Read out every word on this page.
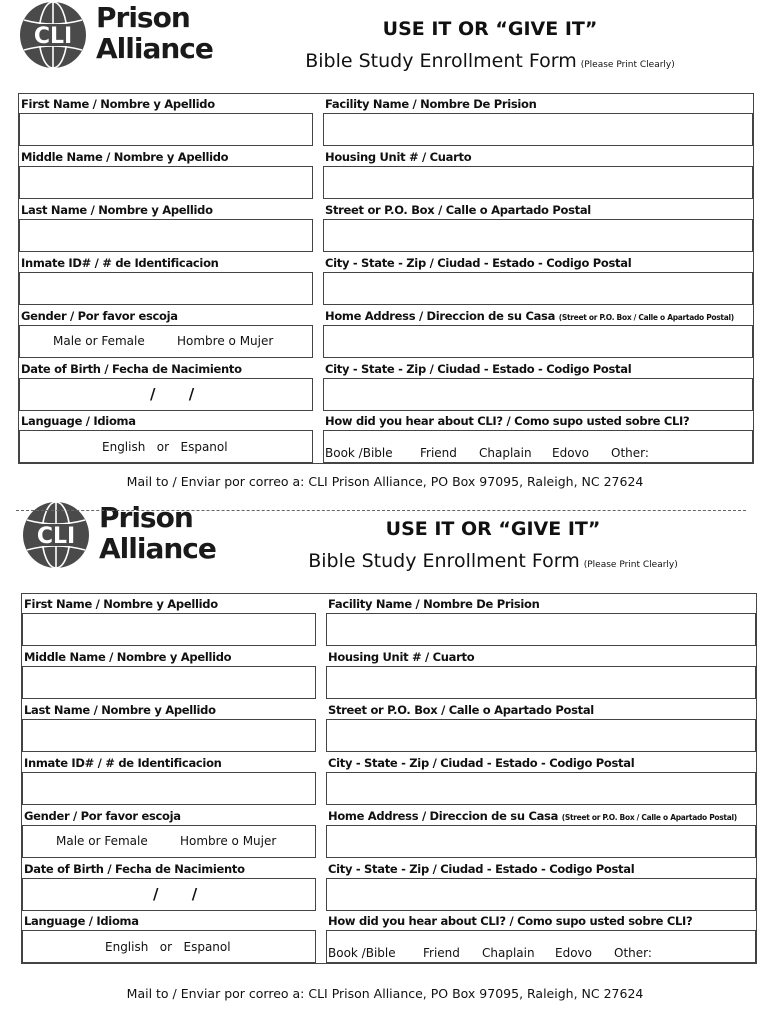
CLI
Prison
Alliance
USE IT OR “GIVE IT”
Bible Study Enrollment Form (Please Print Clearly)
First Name / Nombre y Apellido
Middle Name / Nombre y Apellido
Last Name / Nombre y Apellido
Inmate ID# / # de Identificacion
Gender / Por favor escoja
Male or Female	Hombre o Mujer
Date of Birth / Fecha de Nacimiento
/ /
Language / Idioma
English   or   Espanol
Facility Name / Nombre De Prision
Housing Unit # / Cuarto
Street or P.O. Box / Calle o Apartado Postal
City - State - Zip / Ciudad - Estado - Codigo Postal
Home Address / Direccion de su Casa (Street or P.O. Box / Calle o Apartado Postal)
City - State - Zip / Ciudad - Estado - Codigo Postal
How did you hear about CLI? / Como supo usted sobre CLI?
Book /Bible Friend Chaplain Edovo Other:
Mail to / Enviar por correo a: CLI Prison Alliance, PO Box 97095, Raleigh, NC 27624
CLI
Prison
Alliance
USE IT OR “GIVE IT”
Bible Study Enrollment Form (Please Print Clearly)
First Name / Nombre y Apellido
Middle Name / Nombre y Apellido
Last Name / Nombre y Apellido
Inmate ID# / # de Identificacion
Gender / Por favor escoja
Male or Female	Hombre o Mujer
Date of Birth / Fecha de Nacimiento
/ /
Language / Idioma
English   or   Espanol
Facility Name / Nombre De Prision
Housing Unit # / Cuarto
Street or P.O. Box / Calle o Apartado Postal
City - State - Zip / Ciudad - Estado - Codigo Postal
Home Address / Direccion de su Casa (Street or P.O. Box / Calle o Apartado Postal)
City - State - Zip / Ciudad - Estado - Codigo Postal
How did you hear about CLI? / Como supo usted sobre CLI?
Book /Bible Friend Chaplain Edovo Other:
Mail to / Enviar por correo a: CLI Prison Alliance, PO Box 97095, Raleigh, NC 27624
